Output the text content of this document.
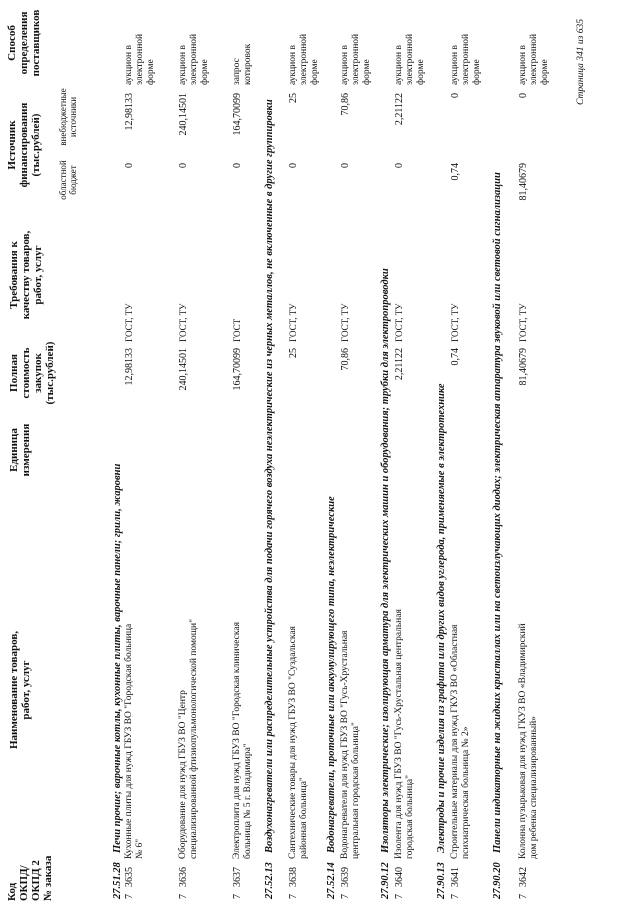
Код
ОКПД/
ОКПД 2
№ заказа
Наименование товаров,
работ, услуг
Единица
измерения
Полная
стоимость
закупок
(тыс.рублей)
Требования к
качеству товаров,
работ, услуг
Источник
финансирования
(тыс.рублей)
областной
бюджет
внебюджетные
источники
Способ
определения
поставщиков
27.51.28Печи прочие; варочные котлы, кухонные плиты, варочные панели; грили, жаровни
7
3635
Кухонные плиты для нужд ГБУЗ ВО "Городская больница № 6"
12,98133
ГОСТ, ТУ
0
12,98133
аукцион в электронной форме
7
3636
Оборудование для нужд ГБУЗ ВО "Центр специализированной фтизиопульмонологической помощи"
240,14501
ГОСТ, ТУ
0
240,14501
аукцион в электронной форме
7
3637
Электроплита для нужд ГБУЗ ВО "Городская клиническая больница № 5 г. Владимира"
164,70099
ГОСТ
0
164,70099
запрос котировок
27.52.13Воздухонагреватели или распределительные устройства для подачи горячего воздуха неэлектрические из черных металлов, не включенные в другие группировки
7
3638
Сантехнические товары для нужд ГБУЗ ВО "Суздальская районная больница"
25
ГОСТ, ТУ
0
25
аукцион в электронной форме
27.52.14Водонагреватели, проточные или аккумулирующего типа, неэлектрические
7
3639
Водонагреватели для нужд ГБУЗ ВО "Гусь-Хрустальная центральная городская больница"
70,86
ГОСТ, ТУ
0
70,86
аукцион в электронной форме
27.90.12Изоляторы электрические; изолирующая арматура для электрических машин и оборудования; трубки для электропроводки
7
3640
Изолента для нужд ГБУЗ ВО "Гусь-Хрустальная центральная городская больница"
2,21122
ГОСТ, ТУ
0
2,21122
аукцион в электронной форме
27.90.13Электроды и прочие изделия из графита или других видов углерода, применяемые в электротехнике
7
3641
Строительные материалы для нужд ГКУЗ ВО «Областная психиатрическая больница № 2»
0,74
ГОСТ, ТУ
0,74
0
аукцион в электронной форме
27.90.20Панели индикаторные на жидких кристаллах или на светоизлучающих диодах; электрическая аппаратура звуковой или световой сигнализации
7
3642
Колонна пузырьковая для нужд ГКУЗ ВО «Владимирский дом ребенка специализированный»
81,40679
ГОСТ, ТУ
81,40679
0
аукцион в электронной форме	Страница 341 из 635
